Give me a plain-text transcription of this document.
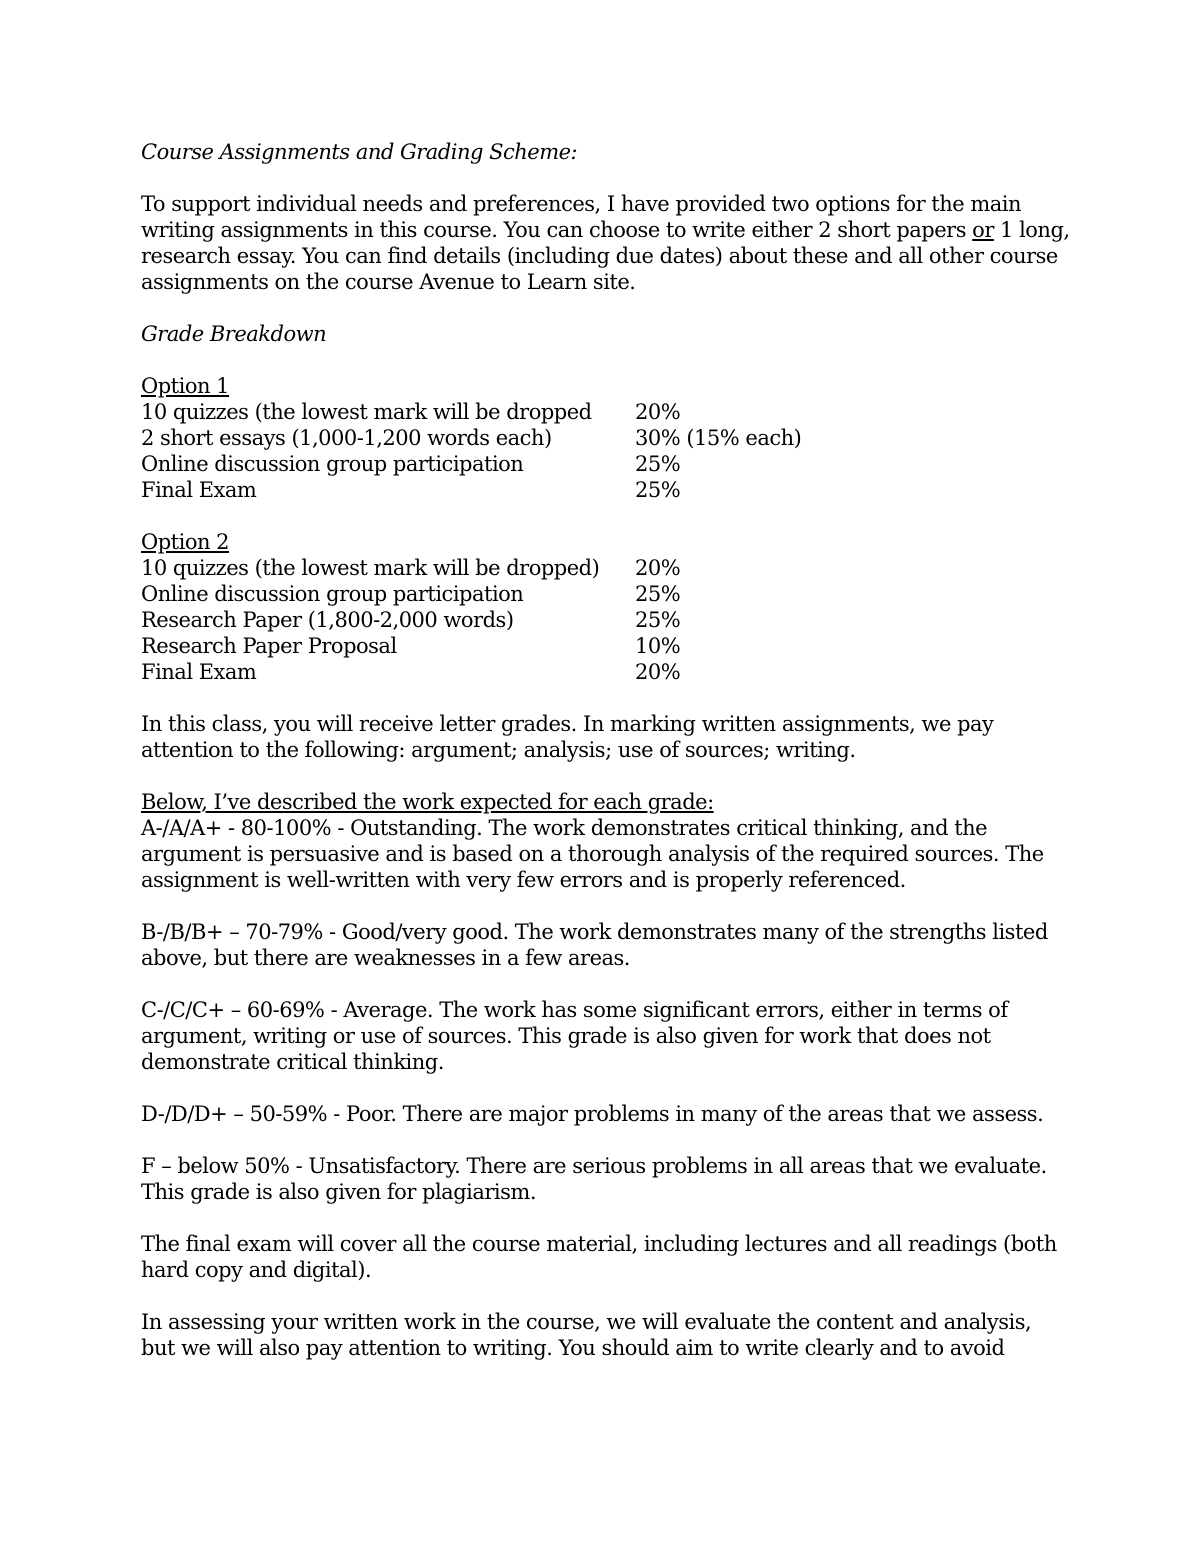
Course Assignments and Grading Scheme:

To support individual needs and preferences, I have provided two options for the main writing assignments in this course. You can choose to write either 2 short papers or 1 long, research essay. You can find details (including due dates) about these and all other course assignments on the course Avenue to Learn site.

Grade Breakdown

Option 1

10 quizzes (the lowest mark will be dropped	20%
2 short essays (1,000-1,200 words each)	30% (15% each)
Online discussion group participation	25%
Final Exam	25%

Option 2

10 quizzes (the lowest mark will be dropped)	20%
Online discussion group participation	25%
Research Paper (1,800-2,000 words)	25%
Research Paper Proposal	10%
Final Exam	20%

In this class, you will receive letter grades. In marking written assignments, we pay attention to the following: argument; analysis; use of sources; writing.

Below, I’ve described the work expected for each grade:

A-/A/A+ - 80-100% - Outstanding. The work demonstrates critical thinking, and the argument is persuasive and is based on a thorough analysis of the required sources. The assignment is well-written with very few errors and is properly referenced.

B-/B/B+ – 70-79% - Good/very good. The work demonstrates many of the strengths listed above, but there are weaknesses in a few areas.

C-/C/C+ – 60-69% - Average. The work has some significant errors, either in terms of argument, writing or use of sources. This grade is also given for work that does not demonstrate critical thinking.

D-/D/D+ – 50-59% - Poor. There are major problems in many of the areas that we assess.

F – below 50% - Unsatisfactory. There are serious problems in all areas that we evaluate. This grade is also given for plagiarism.

The final exam will cover all the course material, including lectures and all readings (both hard copy and digital).

In assessing your written work in the course, we will evaluate the content and analysis, but we will also pay attention to writing. You should aim to write clearly and to avoid
